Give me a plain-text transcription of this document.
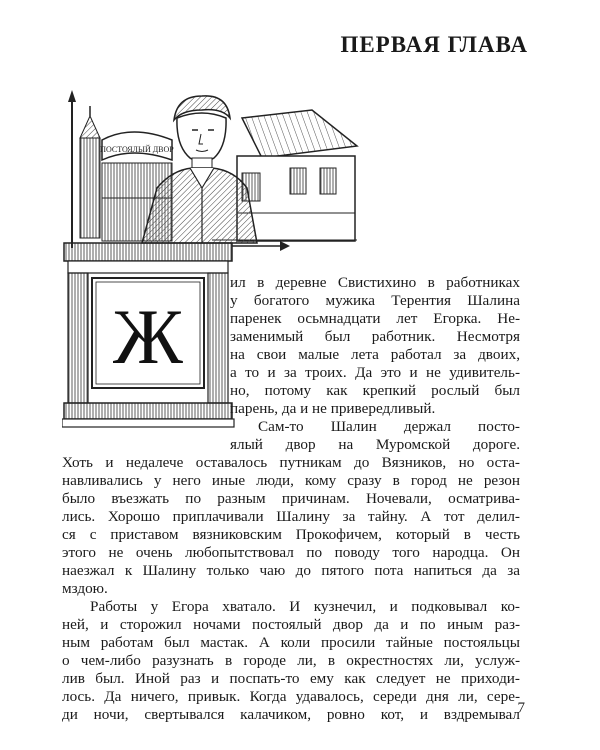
ПЕРВАЯ ГЛАВА
ПОСТОЯЛЫЙ ДВОР
Ж

ил в деревне Свистихино в работниках

у богатого мужика Терентия Шалина

паренек осьмнадцати лет Егорка. Не-

заменимый был работник. Несмотря

на свои малые лета работал за двоих,

а то и за троих. Да это и не удивитель-

но, потому как крепкий рослый был

парень, да и не привередливый.

Сам-то Шалин держал посто-

ялый двор на Муромской дороге.

Хоть и недалече оставалось путникам до Вязников, но оста-

навливались у него иные люди, кому сразу в город не резон

было въезжать по разным причинам. Ночевали, осматрива-

лись. Хорошо приплачивали Шалину за тайну. А тот делил-

ся с приставом вязниковским Прокофичем, который в честь

этого не очень любопытствовал по поводу того народца. Он

наезжал к Шалину только чаю до пятого пота напиться да за

мздою.

Работы у Егора хватало. И кузнечил, и подковывал ко-

ней, и сторожил ночами постоялый двор да и по иным раз-

ным работам был мастак. А коли просили тайные постояльцы

о чем-либо разузнать в городе ли, в окрестностях ли, услуж-

лив был. Иной раз и поспать-то ему как следует не приходи-

лось. Да ничего, привык. Когда удавалось, середи дня ли, сере-

ди ночи, свертывался калачиком, ровно кот, и вздремывал

7
